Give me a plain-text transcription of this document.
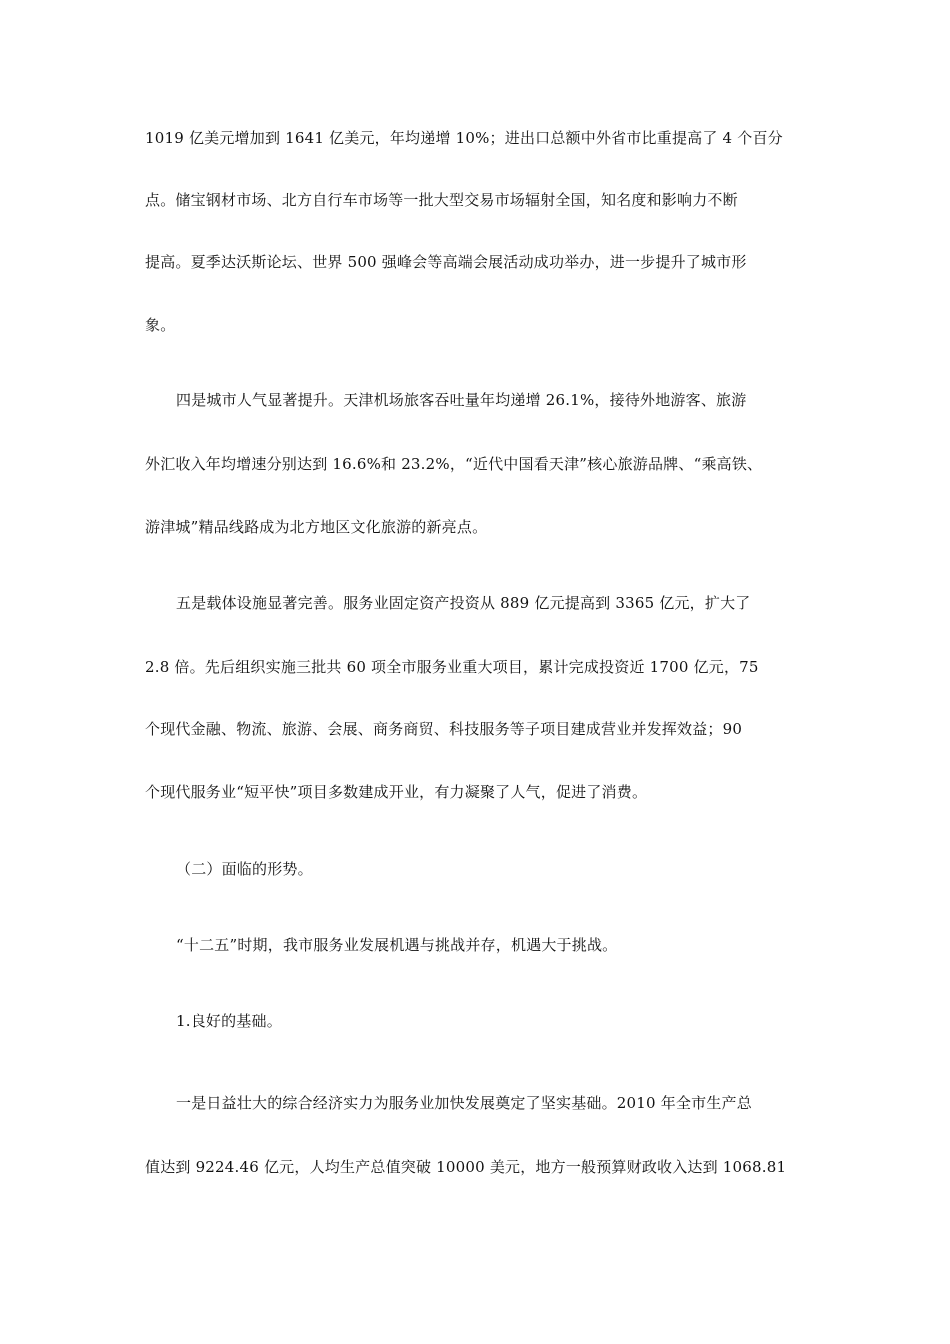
1019 亿美元增加到 1641 亿美元，年均递增 10%；进出口总额中外省市比重提高了 4 个百分
点。储宝钢材市场、北方自行车市场等一批大型交易市场辐射全国，知名度和影响力不断
提高。夏季达沃斯论坛、世界 500 强峰会等高端会展活动成功举办，进一步提升了城市形
象。
四是城市人气显著提升。天津机场旅客吞吐量年均递增 26.1%，接待外地游客、旅游
外汇收入年均增速分别达到 16.6%和 23.2%，“近代中国看天津”核心旅游品牌、“乘高铁、
游津城”精品线路成为北方地区文化旅游的新亮点。
五是载体设施显著完善。服务业固定资产投资从 889 亿元提高到 3365 亿元，扩大了
2.8 倍。先后组织实施三批共 60 项全市服务业重大项目，累计完成投资近 1700 亿元，75
个现代金融、物流、旅游、会展、商务商贸、科技服务等子项目建成营业并发挥效益；90
个现代服务业“短平快”项目多数建成开业，有力凝聚了人气，促进了消费。
（二）面临的形势。
“十二五”时期，我市服务业发展机遇与挑战并存，机遇大于挑战。
1.良好的基础。
一是日益壮大的综合经济实力为服务业加快发展奠定了坚实基础。2010 年全市生产总
值达到 9224.46 亿元，人均生产总值突破 10000 美元，地方一般预算财政收入达到 1068.81
